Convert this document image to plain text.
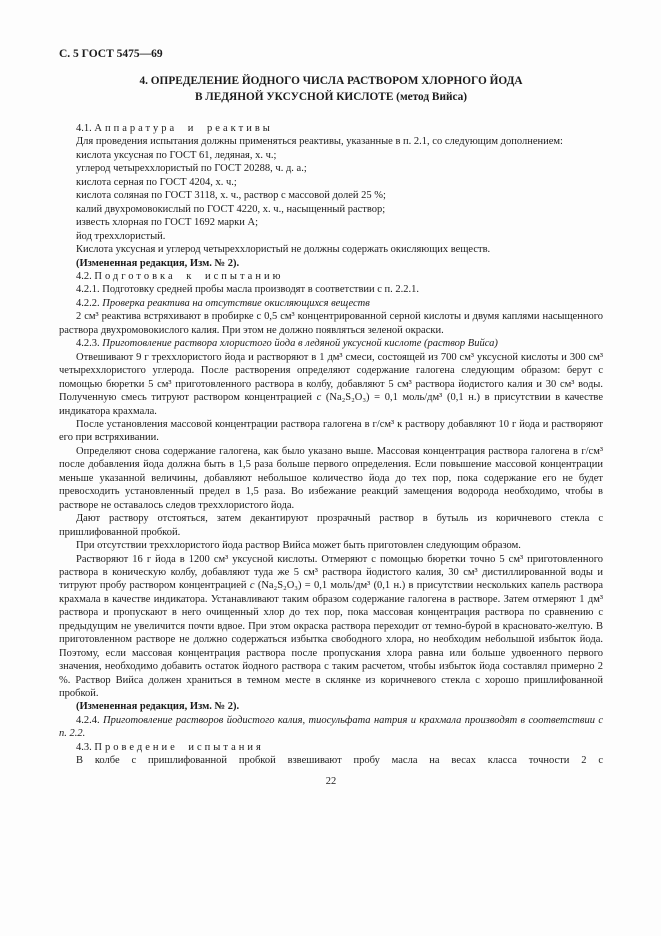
С. 5 ГОСТ 5475—69
4. ОПРЕДЕЛЕНИЕ ЙОДНОГО ЧИСЛА РАСТВОРОМ ХЛОРНОГО ЙОДА
В ЛЕДЯНОЙ УКСУСНОЙ КИСЛОТЕ (метод Вийса)

4.1. Аппаратура и реактивы

Для проведения испытания должны применяться реактивы, указанные в п. 2.1, со следующим дополнением:

кислота уксусная по ГОСТ 61, ледяная, х. ч.;

углерод четыреххлористый по ГОСТ 20288, ч. д. а.;

кислота серная по ГОСТ 4204, х. ч.;

кислота соляная по ГОСТ 3118, х. ч., раствор с массовой долей 25 %;

калий двухромовокислый по ГОСТ 4220, х. ч., насыщенный раствор;

известь хлорная по ГОСТ 1692 марки А;

йод треххлористый.

Кислота уксусная и углерод четыреххлористый не должны содержать окисляющих веществ.

(Измененная редакция, Изм. № 2).

4.2. Подготовка к испытанию

4.2.1. Подготовку средней пробы масла производят в соответствии с п. 2.2.1.

4.2.2. Проверка реактива на отсутствие окисляющихся веществ

2 см³ реактива встряхивают в пробирке с 0,5 см³ концентрированной серной кислоты и двумя каплями насыщенного раствора двухромовокислого калия. При этом не должно появляться зеленой окраски.

4.2.3. Приготовление раствора хлористого йода в ледяной уксусной кислоте (раствор Вийса)

Отвешивают 9 г треххлористого йода и растворяют в 1 дм³ смеси, состоящей из 700 см³ уксусной кислоты и 300 см³ четыреххлористого углерода. После растворения определяют содержание галогена следующим образом: берут с помощью бюретки 5 см³ приготовленного раствора в колбу, добавляют 5 см³ раствора йодистого калия и 30 см³ воды. Полученную смесь титруют раствором концентрацией с (Na₂S₂O₃) = 0,1 моль/дм³ (0,1 н.) в присутствии в качестве индикатора крахмала.

После установления массовой концентрации раствора галогена в г/см³ к раствору добавляют 10 г йода и растворяют его при встряхивании.

Определяют снова содержание галогена, как было указано выше. Массовая концентрация раствора галогена в г/см³ после добавления йода должна быть в 1,5 раза больше первого определения. Если повышение массовой концентрации меньше указанной величины, добавляют небольшое количество йода до тех пор, пока содержание его не будет превосходить установленный предел в 1,5 раза. Во избежание реакций замещения водорода необходимо, чтобы в растворе не оставалось следов треххлористого йода.

Дают раствору отстояться, затем декантируют прозрачный раствор в бутыль из коричневого стекла с пришлифованной пробкой.

При отсутствии треххлористого йода раствор Вийса может быть приготовлен следующим образом.

Растворяют 16 г йода в 1200 см³ уксусной кислоты. Отмеряют с помощью бюретки точно 5 см³ приготовленного раствора в коническую колбу, добавляют туда же 5 см³ раствора йодистого калия, 30 см³ дистиллированной воды и титруют пробу раствором концентрацией с (Na₂S₂O₃) = 0,1 моль/дм³ (0,1 н.) в присутствии нескольких капель раствора крахмала в качестве индикатора. Устанавливают таким образом содержание галогена в растворе. Затем отмеряют 1 дм³ раствора и пропускают в него очищенный хлор до тех пор, пока массовая концентрация раствора по сравнению с предыдущим не увеличится почти вдвое. При этом окраска раствора переходит от темно-бурой в красновато-желтую. В приготовленном растворе не должно содержаться избытка свободного хлора, но необходим небольшой избыток йода. Поэтому, если массовая концентрация раствора после пропускания хлора равна или больше удвоенного первого значения, необходимо добавить остаток йодного раствора с таким расчетом, чтобы избыток йода составлял примерно 2 %. Раствор Вийса должен храниться в темном месте в склянке из коричневого стекла с хорошо пришлифованной пробкой.

(Измененная редакция, Изм. № 2).

4.2.4. Приготовление растворов йодистого калия, тиосульфата натрия и крахмала производят в соответствии с п. 2.2.

4.3. Проведение испытания

В колбе с пришлифованной пробкой взвешивают пробу масла на весах класса точности 2 с

22
